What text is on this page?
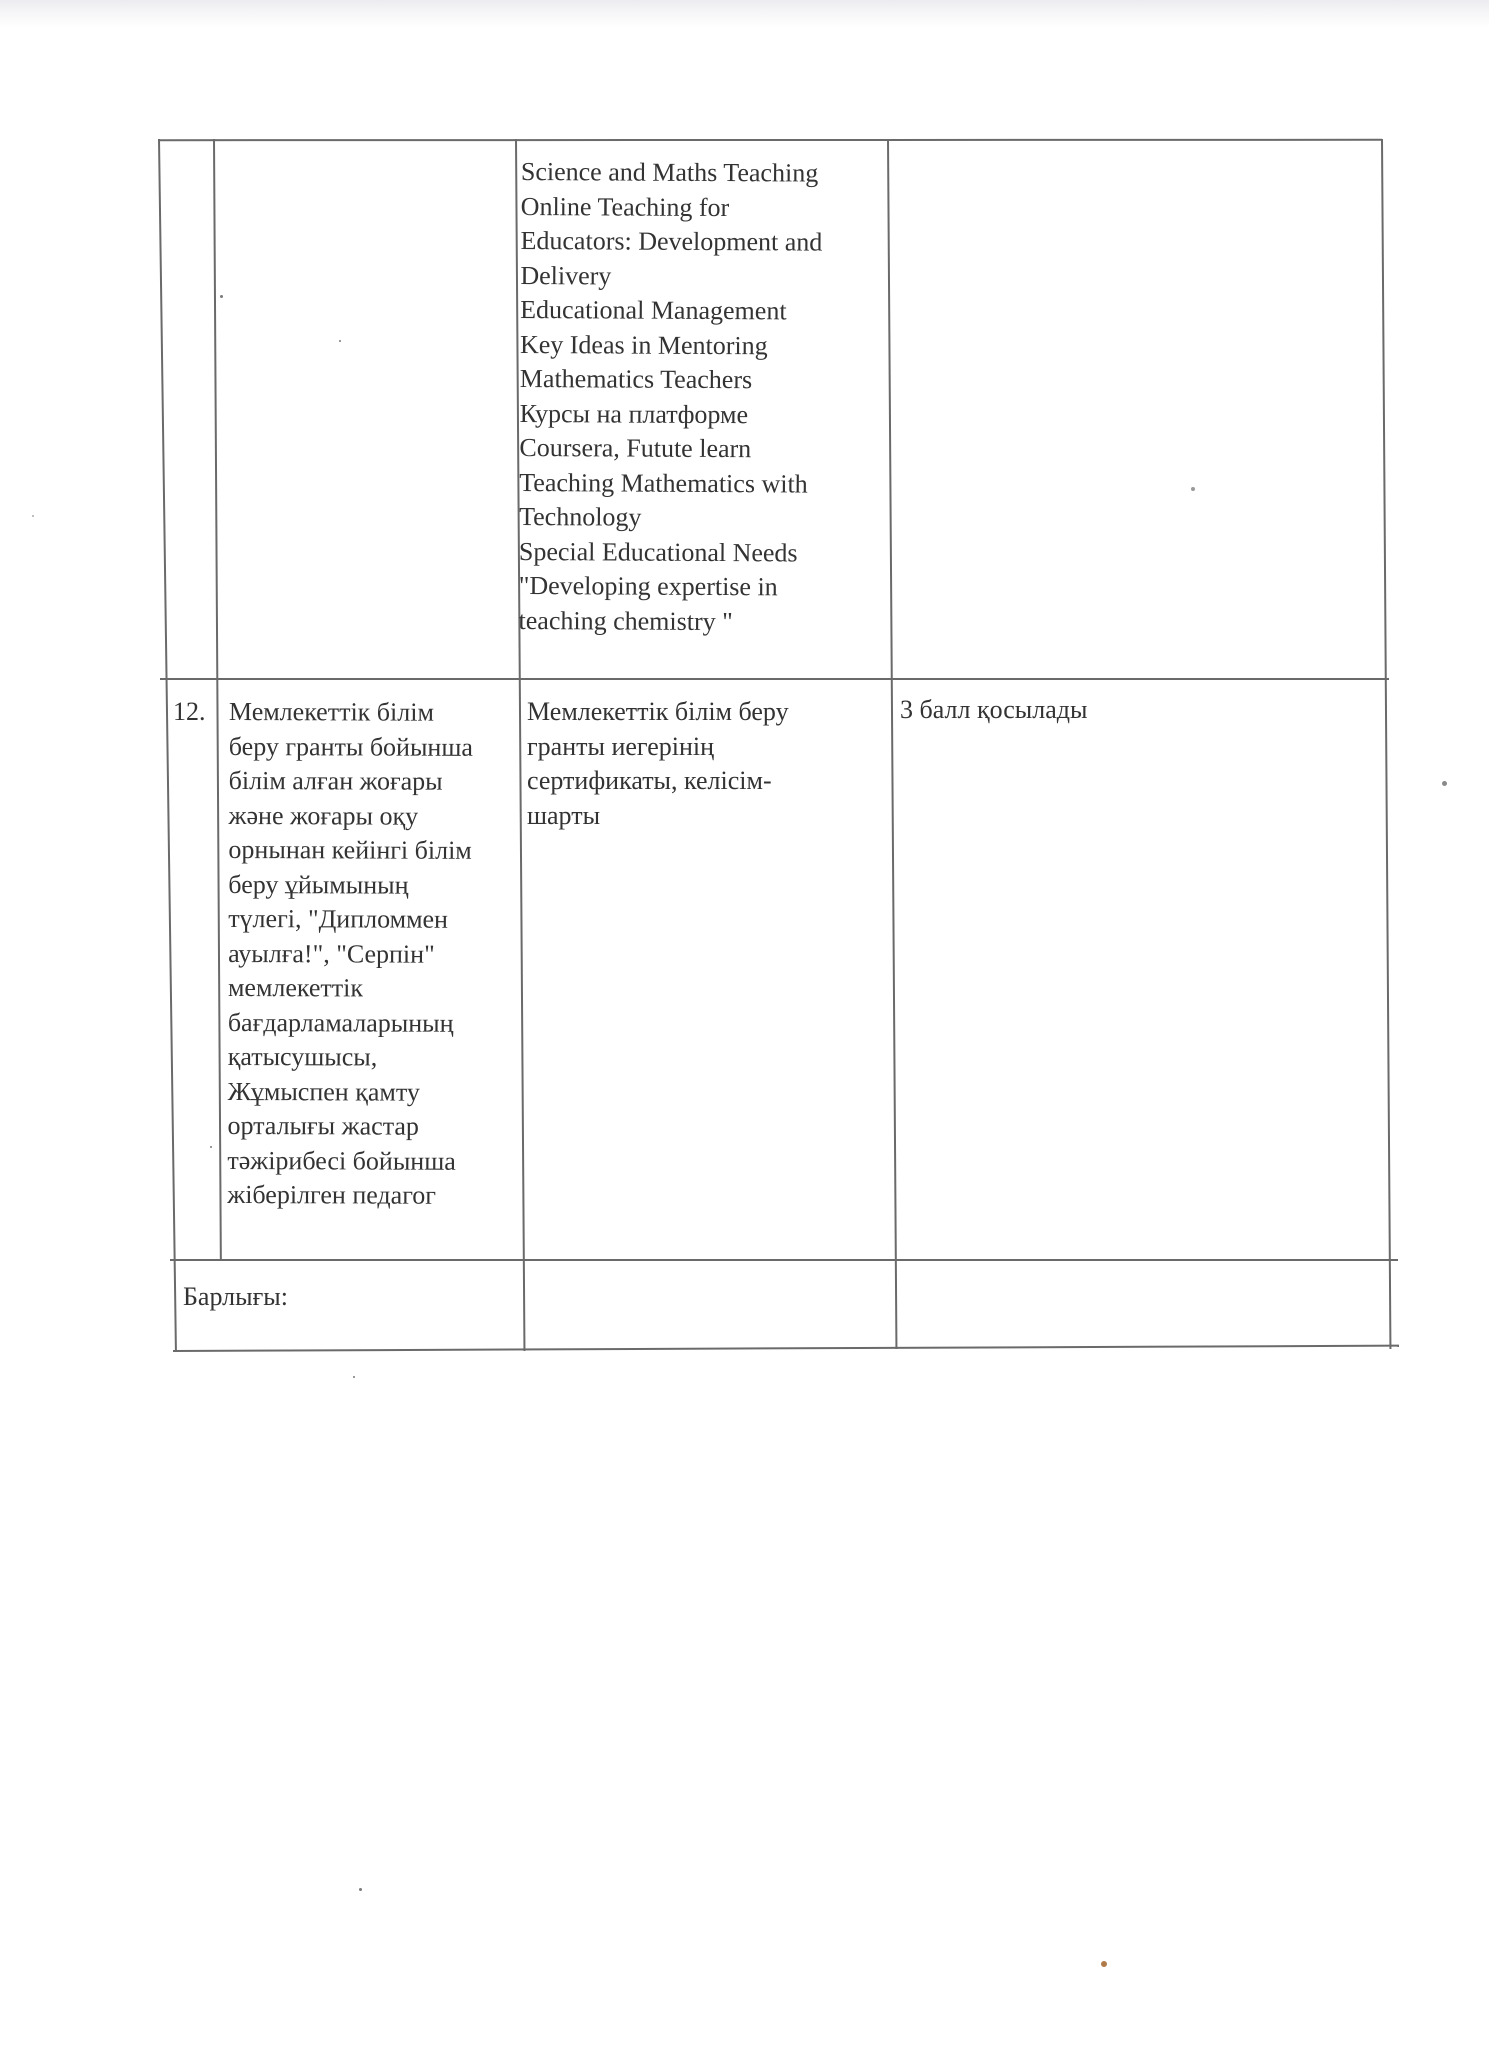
Science and Maths Teaching
Online Teaching for
Educators: Development and
Delivery
Educational Management
Key Ideas in Mentoring
Mathematics Teachers
Курсы на платформе
Coursera, Futute learn
Teaching Mathematics with
Technology
Special Educational Needs
"Developing expertise in
teaching chemistry "
12. Мемлекеттік білім
беру гранты бойынша
білім алған жоғары
және жоғары оқу
орнынан кейінгі білім
беру ұйымының
түлегі, "Дипломмен
ауылға!", "Серпін"
мемлекеттік
бағдарламаларының
қатысушысы,
Жұмыспен қамту
орталығы жастар
тәжірибесі бойынша
жіберілген педагог
Мемлекеттік білім беру
гранты иегерінің
сертификаты, келісім-
шарты
3 балл қосылады
Барлығы:
